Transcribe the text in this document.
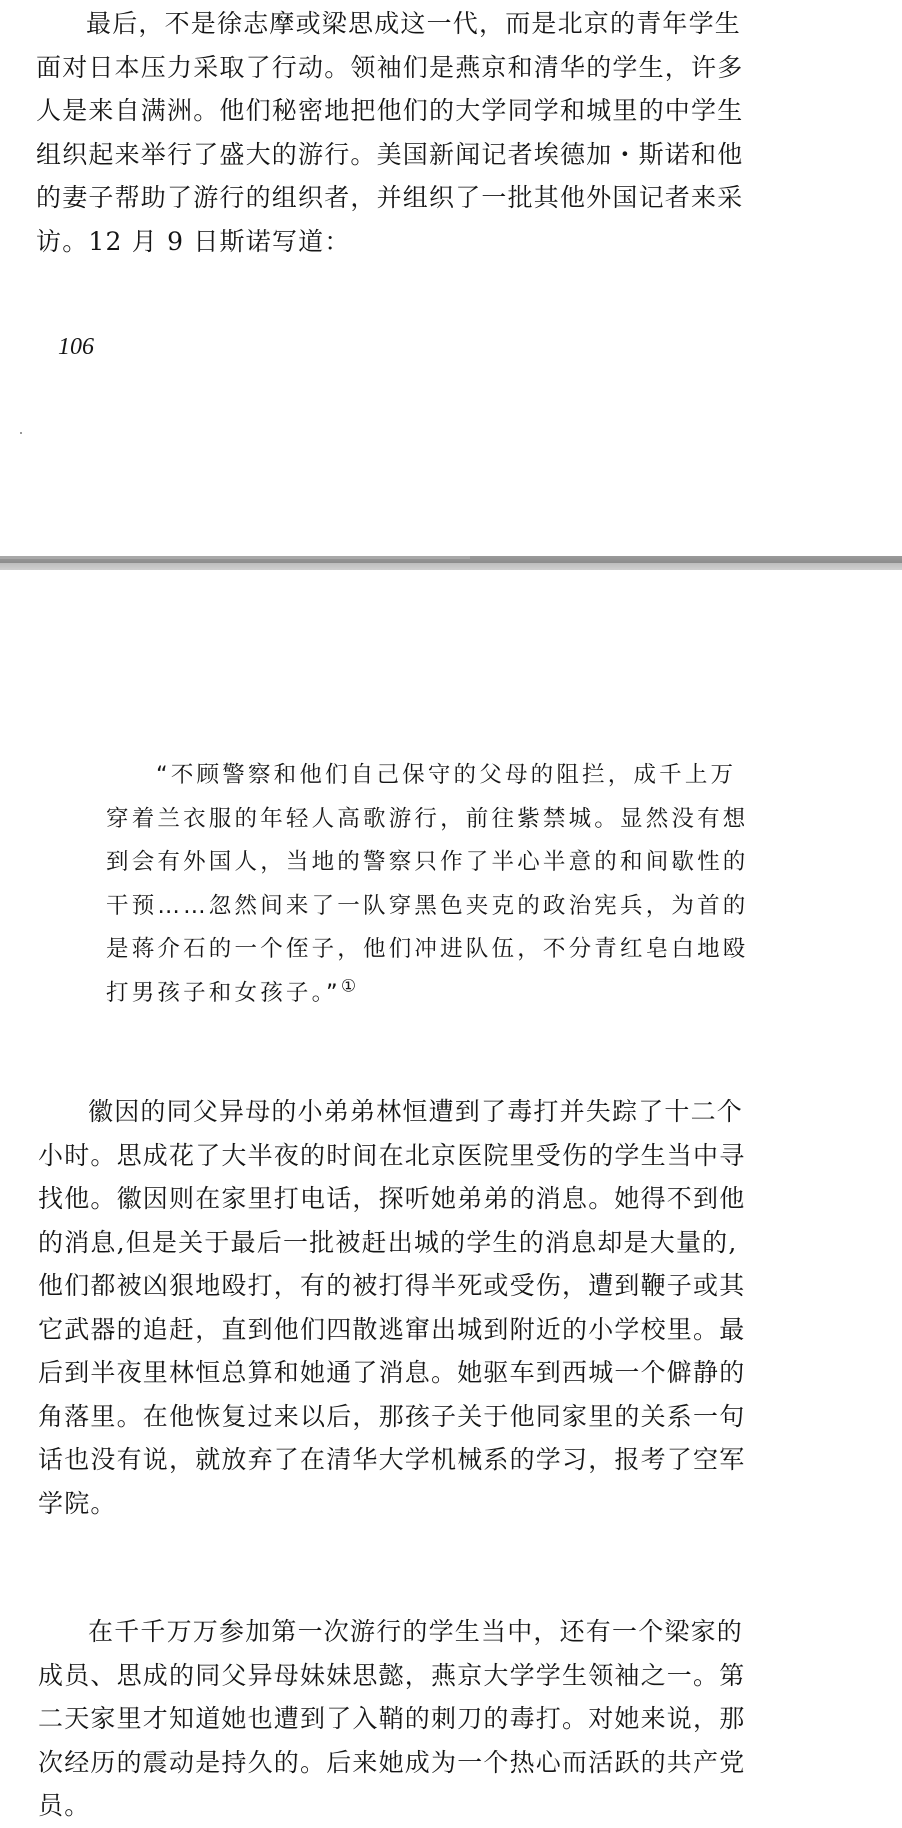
最后，不是徐志摩或梁思成这一代，而是北京的青年学生
面对日本压力采取了行动。领袖们是燕京和清华的学生，许多
人是来自满洲。他们秘密地把他们的大学同学和城里的中学生
组织起来举行了盛大的游行。美国新闻记者埃德加・斯诺和他
的妻子帮助了游行的组织者，并组织了一批其他外国记者来采
访。12 月 9 日斯诺写道：

106

“不顾警察和他们自己保守的父母的阻拦，成千上万
穿着兰衣服的年轻人高歌游行，前往紫禁城。显然没有想
到会有外国人，当地的警察只作了半心半意的和间歇性的
干预……忽然间来了一队穿黑色夹克的政治宪兵，为首的
是蒋介石的一个侄子，他们冲进队伍，不分青红皂白地殴
打男孩子和女孩子。”①

徽因的同父异母的小弟弟林恒遭到了毒打并失踪了十二个
小时。思成花了大半夜的时间在北京医院里受伤的学生当中寻
找他。徽因则在家里打电话，探听她弟弟的消息。她得不到他
的消息,但是关于最后一批被赶出城的学生的消息却是大量的,
他们都被凶狠地殴打，有的被打得半死或受伤，遭到鞭子或其
它武器的追赶，直到他们四散逃窜出城到附近的小学校里。最
后到半夜里林恒总算和她通了消息。她驱车到西城一个僻静的
角落里。在他恢复过来以后，那孩子关于他同家里的关系一句
话也没有说，就放弃了在清华大学机械系的学习，报考了空军
学院。

在千千万万参加第一次游行的学生当中，还有一个梁家的
成员、思成的同父异母妹妹思懿，燕京大学学生领袖之一。第
二天家里才知道她也遭到了入鞘的刺刀的毒打。对她来说，那
次经历的震动是持久的。后来她成为一个热心而活跃的共产党
员。
